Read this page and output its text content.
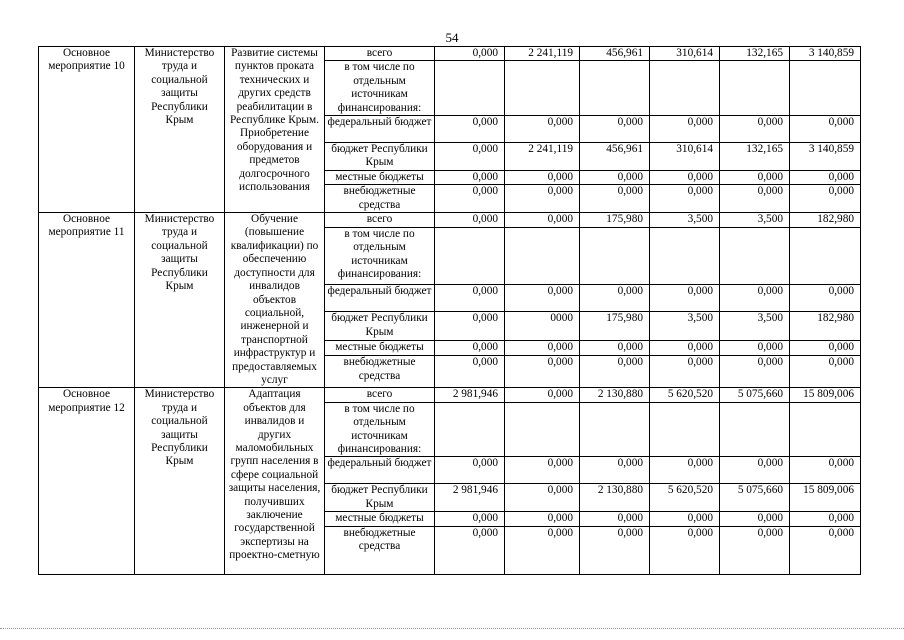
54
Основное мероприятие 10	Министерство труда и социальной защиты Республики Крым	Развитие системы пунктов проката технических и других средств реабилитации в Республике Крым. Приобретение оборудования и предметов долгосрочного использования	всего	0,000	2 241,119	456,961	310,614	132,165	3 140,859
			в том числе по отдельным источникам финансирования:						
			федеральный бюджет	0,000	0,000	0,000	0,000	0,000	0,000
			бюджет Республики Крым	0,000	2 241,119	456,961	310,614	132,165	3 140,859
			местные бюджеты	0,000	0,000	0,000	0,000	0,000	0,000
			внебюджетные средства	0,000	0,000	0,000	0,000	0,000	0,000
Основное мероприятие 11	Министерство труда и социальной защиты Республики Крым	Обучение (повышение квалификации) по обеспечению доступности для инвалидов объектов социальной, инженерной и транспортной инфраструктур и предоставляемых услуг	всего	0,000	0,000	175,980	3,500	3,500	182,980
			в том числе по отдельным источникам финансирования:						
			федеральный бюджет	0,000	0,000	0,000	0,000	0,000	0,000
			бюджет Республики Крым	0,000	0000	175,980	3,500	3,500	182,980
			местные бюджеты	0,000	0,000	0,000	0,000	0,000	0,000
			внебюджетные средства	0,000	0,000	0,000	0,000	0,000	0,000
Основное мероприятие 12	Министерство труда и социальной защиты Республики Крым	Адаптация объектов для инвалидов и других маломобильных групп населения в сфере социальной защиты населения, получивших заключение государственной экспертизы на проектно-сметную	всего	2 981,946	0,000	2 130,880	5 620,520	5 075,660	15 809,006
			в том числе по отдельным источникам финансирования:						
			федеральный бюджет	0,000	0,000	0,000	0,000	0,000	0,000
			бюджет Республики Крым	2 981,946	0,000	2 130,880	5 620,520	5 075,660	15 809,006
			местные бюджеты	0,000	0,000	0,000	0,000	0,000	0,000
			внебюджетные средства	0,000	0,000	0,000	0,000	0,000	0,000
